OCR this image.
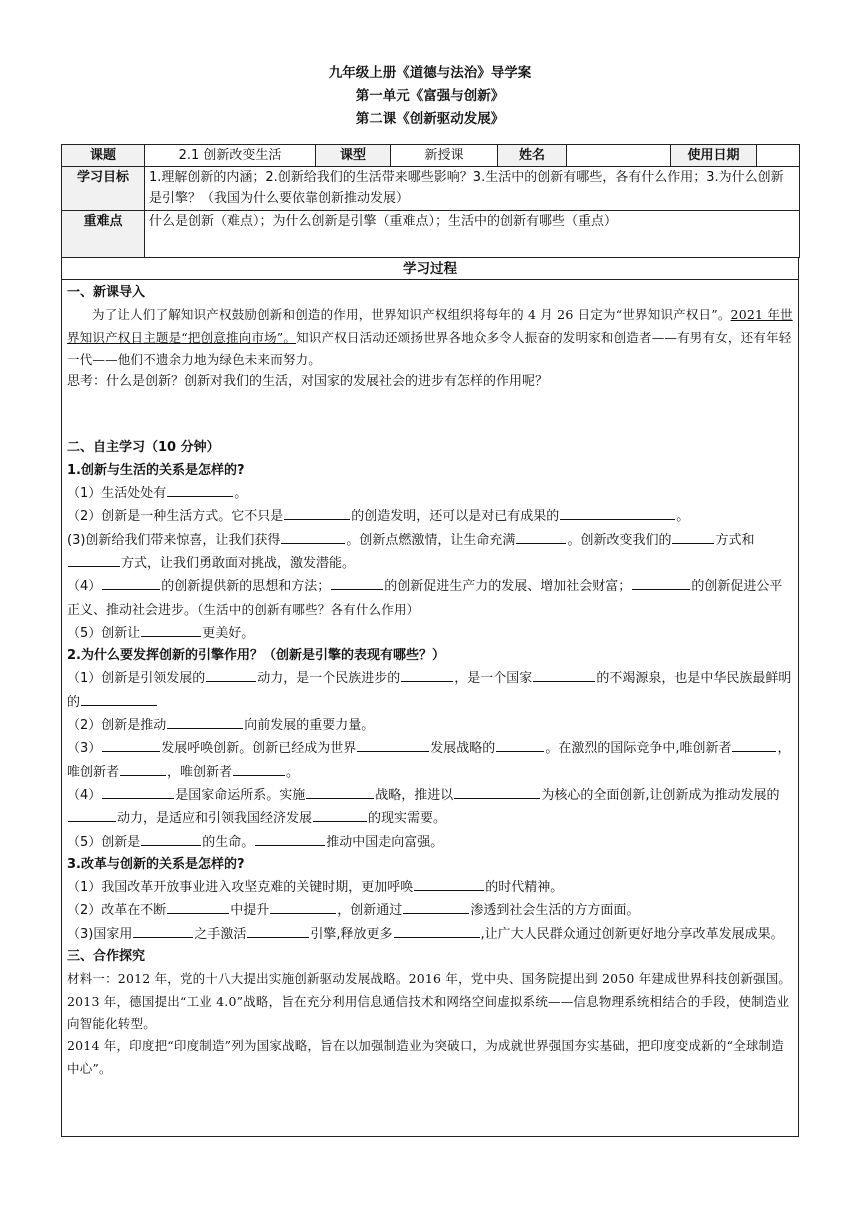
九年级上册《道德与法治》导学案
第一单元《富强与创新》
第二课《创新驱动发展》
课题	2.1 创新改变生活	课型	新授课	姓名		使用日期	
学习目标	1.理解创新的内涵；2.创新给我们的生活带来哪些影响？3.生活中的创新有哪些，各有什么作用；3.为什么创新是引擎？（我国为什么要依靠创新推动发展）						
重难点	什么是创新（难点）；为什么创新是引擎（重难点）；生活中的创新有哪些（重点）						
学习过程

一、新课导入

为了让人们了解知识产权鼓励创新和创造的作用，世界知识产权组织将每年的 4 月 26 日定为“世界知识产权日”。2021 年世界知识产权日主题是“把创意推向市场”。知识产权日活动还颂扬世界各地众多令人振奋的发明家和创造者——有男有女，还有年轻一代——他们不遗余力地为绿色未来而努力。

思考：什么是创新？创新对我们的生活，对国家的发展社会的进步有怎样的作用呢？

二、自主学习（10 分钟）

1.创新与生活的关系是怎样的?

（1）生活处处有	。

（2）创新是一种生活方式。它不只是	的创造发明，还可以是对已有成果的	。

(3)创新给我们带来惊喜，让我们获得	。创新点燃激情，让生命充满	。创新改变我们的	方式和方式，让我们勇敢面对挑战，激发潜能。

（4）	的创新提供新的思想和方法；	的创新促进生产力的发展、增加社会财富；	的创新促进公平正义、推动社会进步。（生活中的创新有哪些？各有什么作用）

（5）创新让	更美好。

2.为什么要发挥创新的引擎作用？（创新是引擎的表现有哪些？）

（1）创新是引领发展的	动力，是一个民族进步的	，是一个国家	的不竭源泉，也是中华民族最鲜明的

（2）创新是推动	向前发展的重要力量。

（3）	发展呼唤创新。创新已经成为世界	发展战略的	。在激烈的国际竞争中,唯创新者	，唯创新者	，唯创新者	。

（4）	是国家命运所系。实施	战略，推进以	为核心的全面创新,让创新成为推动发展的动力，是适应和引领我国经济发展	的现实需要。

（5）创新是	的生命。	推动中国走向富强。

3.改革与创新的关系是怎样的?

（1）我国改革开放事业进入攻坚克难的关键时期，更加呼唤	的时代精神。

（2）改革在不断	中提升	，创新通过	渗透到社会生活的方方面面。

（3)国家用	之手激活	引擎,释放更多	,让广大人民群众通过创新更好地分享改革发展成果。

三、合作探究

材料一：2012 年，党的十八大提出实施创新驱动发展战略。2016 年，党中央、国务院提出到 2050 年建成世界科技创新强国。

2013 年，德国提出“工业 4.0”战略，旨在充分利用信息通信技术和网络空间虚拟系统——信息物理系统相结合的手段，使制造业向智能化转型。

2014 年，印度把“印度制造”列为国家战略，旨在以加强制造业为突破口，为成就世界强国夯实基础，把印度变成新的“全球制造中心”。
